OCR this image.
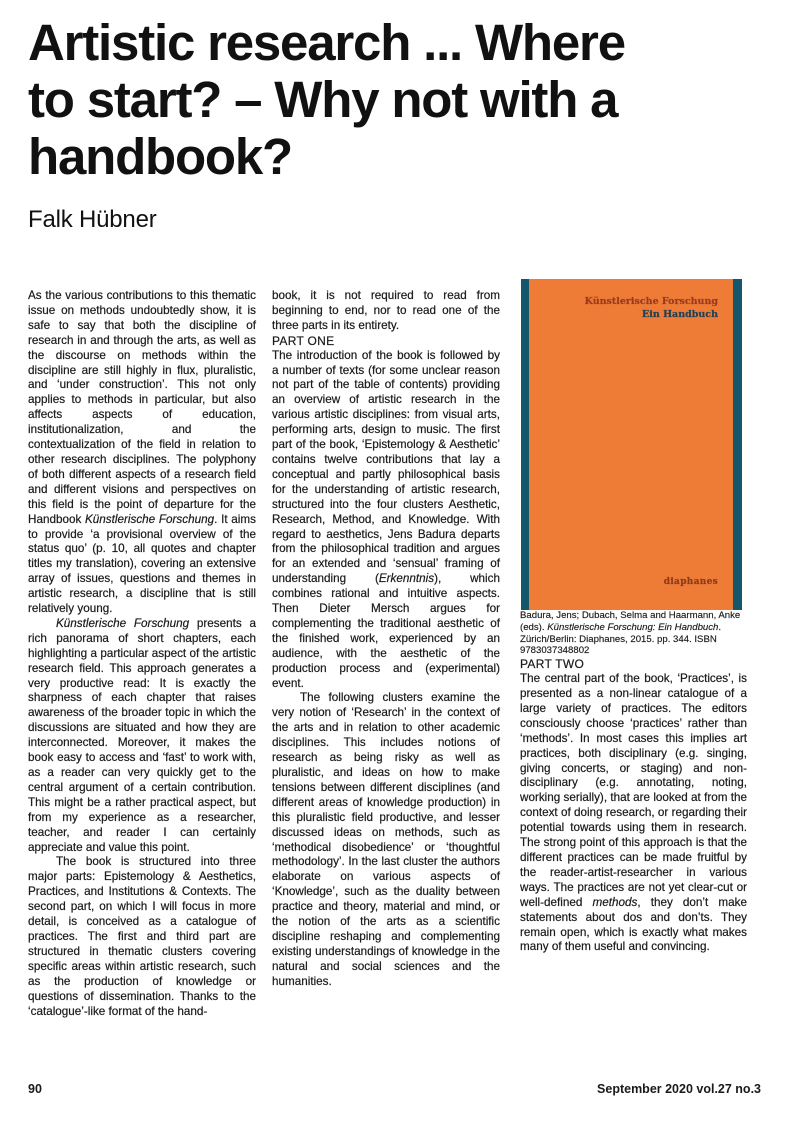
Artistic research ... Where
to start? – Why not with a
handbook?
Falk Hübner

As the various contributions to this thematic issue on methods undoubtedly show, it is safe to say that both the discipline of research in and through the arts, as well as the discourse on methods within the discipline are still highly in flux, pluralistic, and ‘under construction’. This not only applies to methods in particular, but also affects aspects of education, institutionalization, and the contextualization of the field in relation to other research disciplines. The polyphony of both different aspects of a research field and different visions and perspectives on this field is the point of departure for the Handbook Künstlerische Forschung. It aims to provide ‘a provisional overview of the status quo’ (p. 10, all quotes and chapter titles my translation), covering an extensive array of issues, questions and themes in artistic research, a discipline that is still relatively young.

Künstlerische Forschung presents a rich panorama of short chapters, each highlighting a particular aspect of the artistic research field. This approach generates a very productive read: It is exactly the sharpness of each chapter that raises awareness of the broader topic in which the discussions are situated and how they are interconnected. Moreover, it makes the book easy to access and ‘fast’ to work with, as a reader can very quickly get to the central argument of a certain contribution. This might be a rather practical aspect, but from my experience as a researcher, teacher, and reader I can certainly appreciate and value this point.

The book is structured into three major parts: Epistemology & Aesthetics, Practices, and Institutions & Contexts. The second part, on which I will focus in more detail, is conceived as a catalogue of practices. The first and third part are structured in thematic clusters covering specific areas within artistic research, such as the production of knowledge or questions of dissemination. Thanks to the ‘catalogue’-like format of the hand-

book, it is not required to read from beginning to end, nor to read one of the three parts in its entirety.

PART ONE

The introduction of the book is followed by a number of texts (for some unclear reason not part of the table of contents) providing an overview of artistic research in the various artistic disciplines: from visual arts, performing arts, design to music. The first part of the book, ‘Epistemology & Aesthetic’ contains twelve contributions that lay a conceptual and partly philosophical basis for the understanding of artistic research, structured into the four clusters Aesthetic, Research, Method, and Knowledge. With regard to aesthetics, Jens Badura departs from the philosophical tradition and argues for an extended and ‘sensual’ framing of understanding (Erkenntnis), which combines rational and intuitive aspects. Then Dieter Mersch argues for complementing the traditional aesthetic of the finished work, experienced by an audience, with the aesthetic of the production process and (experimental) event.

The following clusters examine the very notion of ‘Research’ in the context of the arts and in relation to other academic disciplines. This includes notions of research as being risky as well as pluralistic, and ideas on how to make tensions between different disciplines (and different areas of knowledge production) in this pluralistic field productive, and lesser discussed ideas on methods, such as ‘methodical disobedience’ or ‘thoughtful methodology’. In the last cluster the authors elaborate on various aspects of ‘Knowledge’, such as the duality between practice and theory, material and mind, or the notion of the arts as a scientific discipline reshaping and complementing existing understandings of knowledge in the natural and social sciences and the humanities.

Künstlerische Forschung
Ein Handbuch
diaphanes

Badura, Jens; Dubach, Selma and Haarmann, Anke (eds). Künstlerische Forschung: Ein Handbuch. Zürich/Berlin: Diaphanes, 2015. pp. 344. ISBN 9783037348802

PART TWO

The central part of the book, ‘Practices’, is presented as a non-linear catalogue of a large variety of practices. The editors consciously choose ‘practices’ rather than ‘methods’. In most cases this implies art practices, both disciplinary (e.g. singing, giving concerts, or staging) and non-disciplinary (e.g. annotating, noting, working serially), that are looked at from the context of doing research, or regarding their potential towards using them in research. The strong point of this approach is that the different practices can be made fruitful by the reader-artist-researcher in various ways. The practices are not yet clear-cut or well-defined methods, they don’t make statements about dos and don’ts. They remain open, which is exactly what makes many of them useful and convincing.

90	September 2020 vol.27 no.3
